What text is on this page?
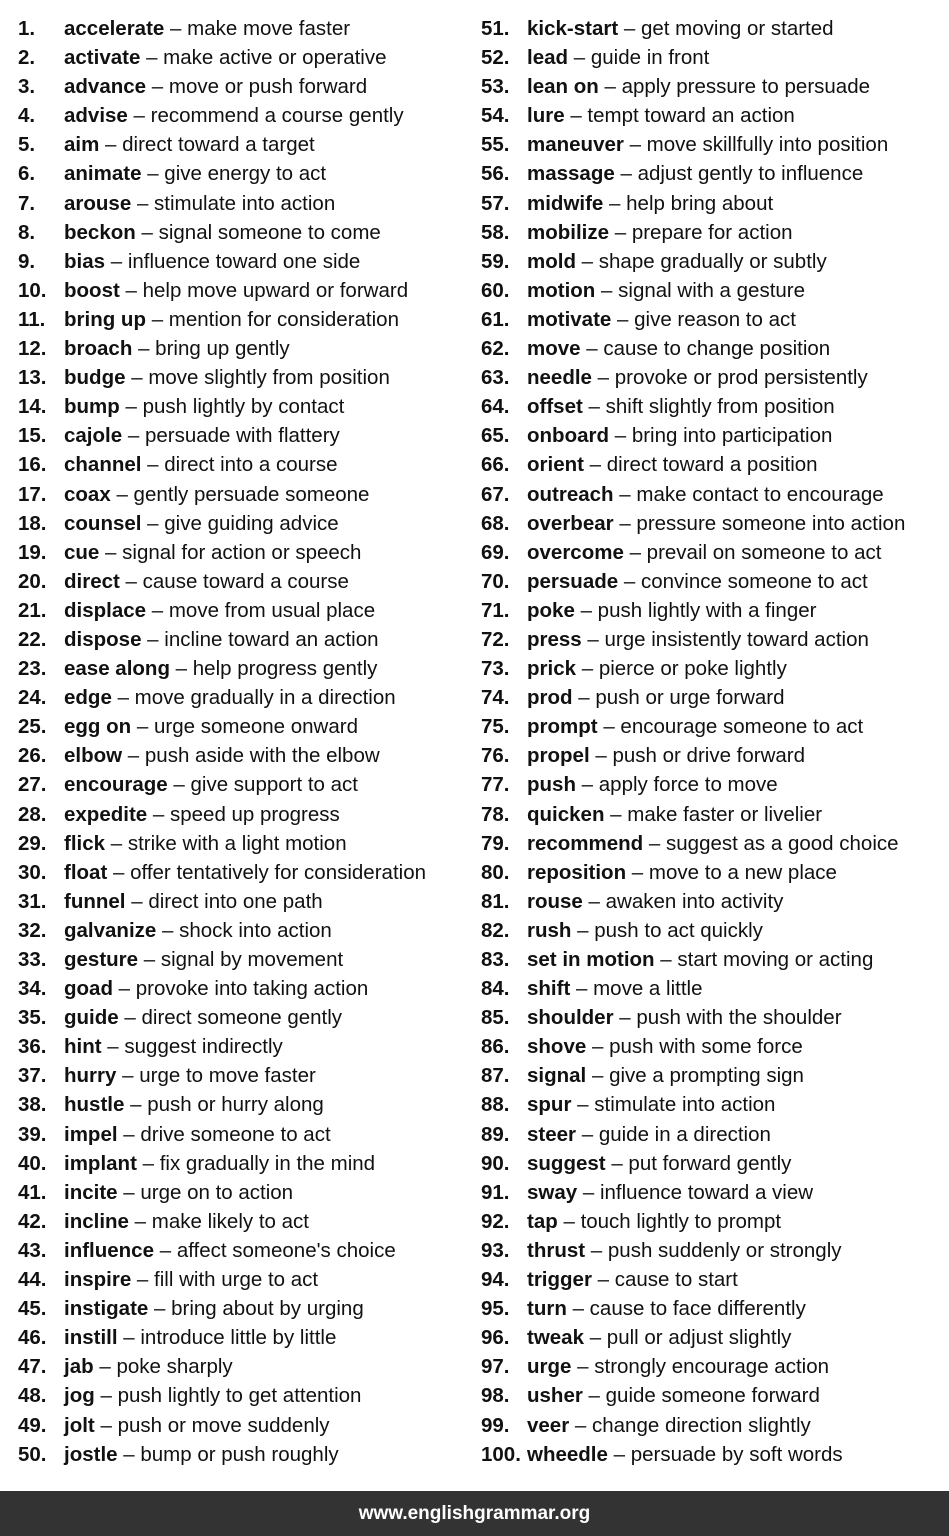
1.	accelerate – make move faster
2.	activate – make active or operative
3.	advance – move or push forward
4.	advise – recommend a course gently
5.	aim – direct toward a target
6.	animate – give energy to act
7.	arouse – stimulate into action
8.	beckon – signal someone to come
9.	bias – influence toward one side
10. boost – help move upward or forward
11. bring up – mention for consideration
12. broach – bring up gently
13. budge – move slightly from position
14. bump – push lightly by contact
15. cajole – persuade with flattery
16. channel – direct into a course
17. coax – gently persuade someone
18. counsel – give guiding advice
19. cue – signal for action or speech
20. direct – cause toward a course
21. displace – move from usual place
22. dispose – incline toward an action
23. ease along – help progress gently
24. edge – move gradually in a direction
25. egg on – urge someone onward
26. elbow – push aside with the elbow
27. encourage – give support to act
28. expedite – speed up progress
29. flick – strike with a light motion
30. float – offer tentatively for consideration
31. funnel – direct into one path
32. galvanize – shock into action
33. gesture – signal by movement
34. goad – provoke into taking action
35. guide – direct someone gently
36. hint – suggest indirectly
37. hurry – urge to move faster
38. hustle – push or hurry along
39. impel – drive someone to act
40. implant – fix gradually in the mind
41. incite – urge on to action
42. incline – make likely to act
43. influence – affect someone's choice
44. inspire – fill with urge to act
45. instigate – bring about by urging
46. instill – introduce little by little
47. jab – poke sharply
48. jog – push lightly to get attention
49. jolt – push or move suddenly
50. jostle – bump or push roughly
51. kick-start – get moving or started
52. lead – guide in front
53. lean on – apply pressure to persuade
54. lure – tempt toward an action
55. maneuver – move skillfully into position
56. massage – adjust gently to influence
57. midwife – help bring about
58. mobilize – prepare for action
59. mold – shape gradually or subtly
60. motion – signal with a gesture
61. motivate – give reason to act
62. move – cause to change position
63. needle – provoke or prod persistently
64. offset – shift slightly from position
65. onboard – bring into participation
66. orient – direct toward a position
67. outreach – make contact to encourage
68. overbear – pressure someone into action
69. overcome – prevail on someone to act
70. persuade – convince someone to act
71. poke – push lightly with a finger
72. press – urge insistently toward action
73. prick – pierce or poke lightly
74. prod – push or urge forward
75. prompt – encourage someone to act
76. propel – push or drive forward
77. push – apply force to move
78. quicken – make faster or livelier
79. recommend – suggest as a good choice
80. reposition – move to a new place
81. rouse – awaken into activity
82. rush – push to act quickly
83. set in motion – start moving or acting
84. shift – move a little
85. shoulder – push with the shoulder
86. shove – push with some force
87. signal – give a prompting sign
88. spur – stimulate into action
89. steer – guide in a direction
90. suggest – put forward gently
91. sway – influence toward a view
92. tap – touch lightly to prompt
93. thrust – push suddenly or strongly
94. trigger – cause to start
95. turn – cause to face differently
96. tweak – pull or adjust slightly
97. urge – strongly encourage action
98. usher – guide someone forward
99. veer – change direction slightly
100. wheedle – persuade by soft words
www.englishgrammar.org
